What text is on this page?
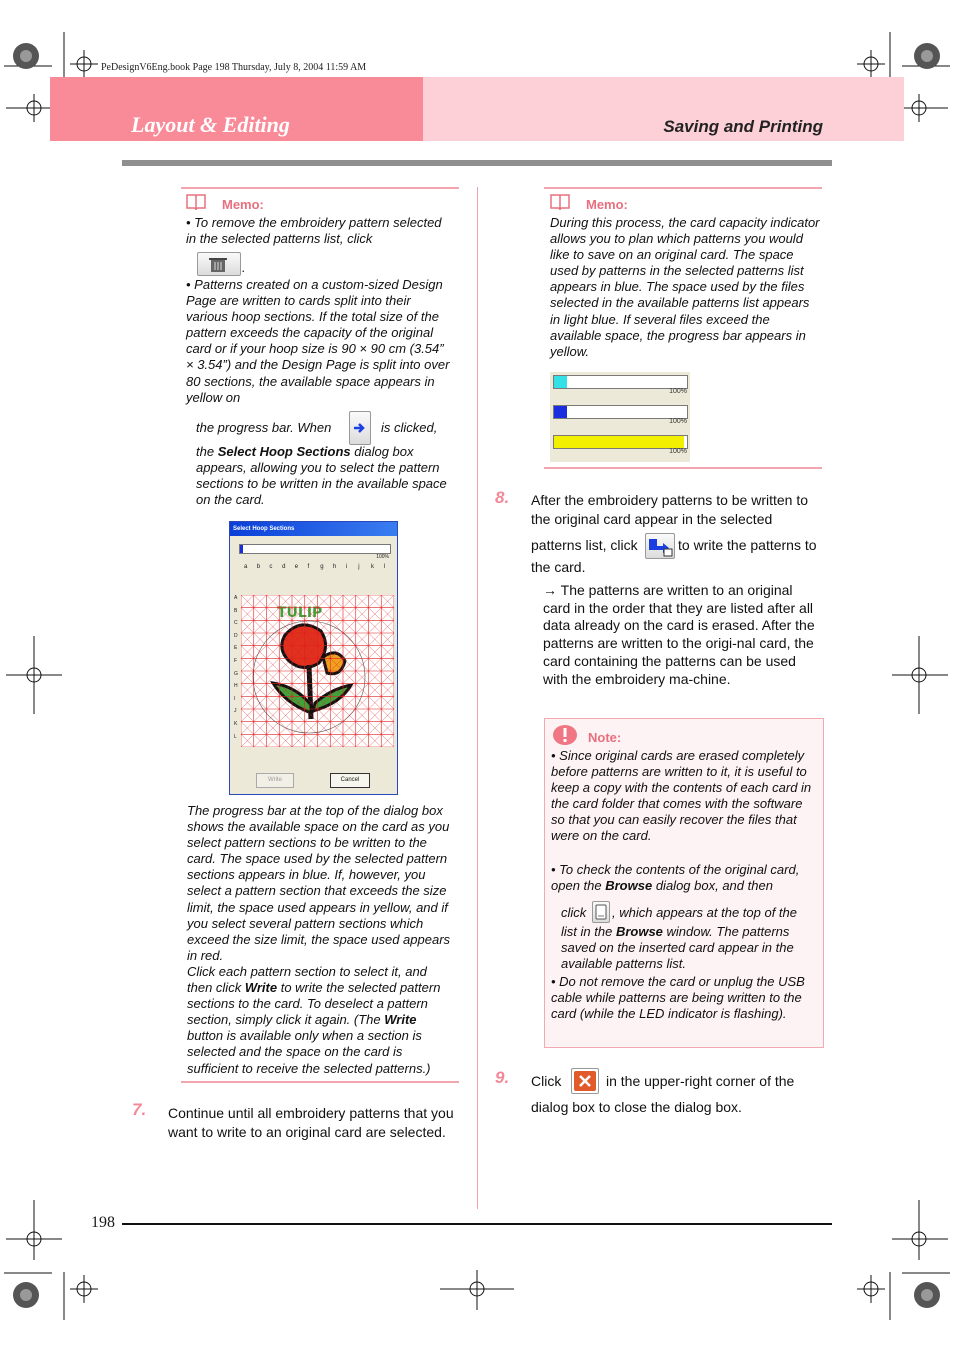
PeDesignV6Eng.book Page 198 Thursday, July 8, 2004 11:59 AM
Layout & Editing	Saving and Printing
Memo:
• To remove the embroidery pattern selected in the selected patterns list, click
.
• Patterns created on a custom-sized Design Page are written to cards split into their various hoop sections. If the total size of the pattern exceeds the capacity of the original card or if your hoop size is 90 × 90 cm (3.54” × 3.54”) and the Design Page is split into over 80 sections, the available space appears in yellow on
the progress bar. When	is clicked,
the Select Hoop Sections dialog box appears, allowing you to select the pattern sections to be written in the available space on the card.
Select Hoop Sections
100%
a b c d e f g h i j k l
A
B
C
D
E
F
G
H
I
J
K
L
TULIP
Write	Cancel
The progress bar at the top of the dialog box shows the available space on the card as you select pattern sections to be written to the card. The space used by the selected pattern sections appears in blue. If, however, you select a pattern section that exceeds the size limit, the space used appears in yellow, and if you select several pattern sections which exceed the size limit, the space used appears in red.
Click each pattern section to select it, and then click Write to write the selected pattern sections to the card. To deselect a pattern section, simply click it again. (The Write button is available only when a section is selected and the space on the card is sufficient to receive the selected patterns.)
7. Continue until all embroidery patterns that you want to write to an original card are selected.
Memo:
During this process, the card capacity indicator allows you to plan which patterns you would like to save on an original card. The space used by patterns in the selected patterns list appears in blue. The space used by the files selected in the available patterns list appears in light blue. If several files exceed the available space, the progress bar appears in yellow.
100%
100%
100%
8. After the embroidery patterns to be written to the original card appear in the selected
patterns list, click	to write the patterns to
the card.
→ The patterns are written to an original card in the order that they are listed after all data already on the card is erased. After the patterns are written to the origi-nal card, the card containing the patterns can be used with the embroidery ma-chine.
Note:
• Since original cards are erased completely before patterns are written to it, it is useful to keep a copy with the contents of each card in the card folder that comes with the software so that you can easily recover the files that were on the card.
• To check the contents of the original card, open the Browse dialog box, and then
click , which appears at the top of the
list in the Browse window. The patterns saved on the inserted card appear in the available patterns list.
• Do not remove the card or unplug the USB cable while patterns are being written to the card (while the LED indicator is flashing).
9. Click	in the upper-right corner of the
dialog box to close the dialog box.
198
